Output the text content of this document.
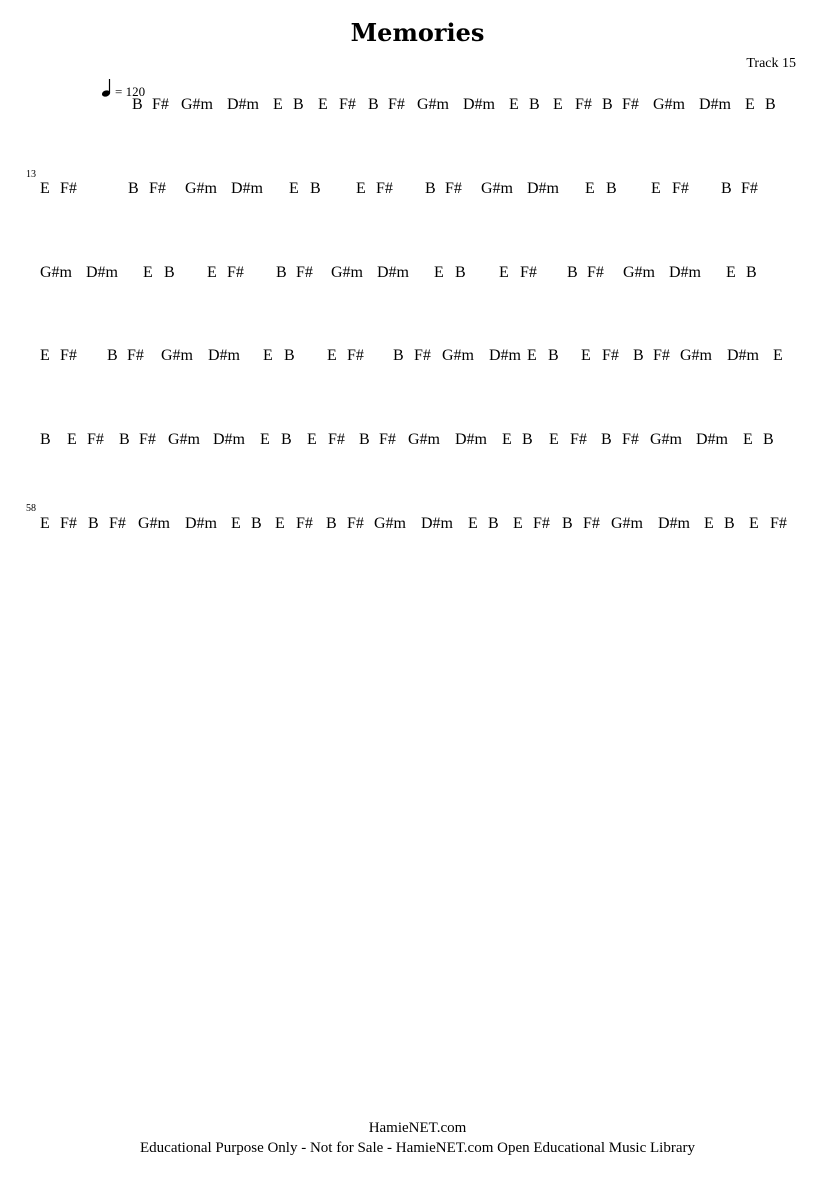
Memories
Track 15
= 120
13
58
B F# G#m D#m E B E F# B F# G#m D#m E B E F# B F# G#m D#m E B
E F#	B F# G#m D#m E B E F# B F# G#m D#m E B E F# B F#
G#m D#m E B E F# B F# G#m D#m E B E F# B F# G#m D#m E B
E F# B F# G#m D#m E B E F# B F# G#m D#m E B E F# B F# G#m D#m E
B E F# B F# G#m D#m E B E F# B F# G#m D#m E B E F# B F# G#m D#m E B
E F# B F# G#m D#m E B E F# B F# G#m D#m E B E F# B F# G#m D#m E B E F#
HamieNET.com
Educational Purpose Only - Not for Sale - HamieNET.com Open Educational Music Library
